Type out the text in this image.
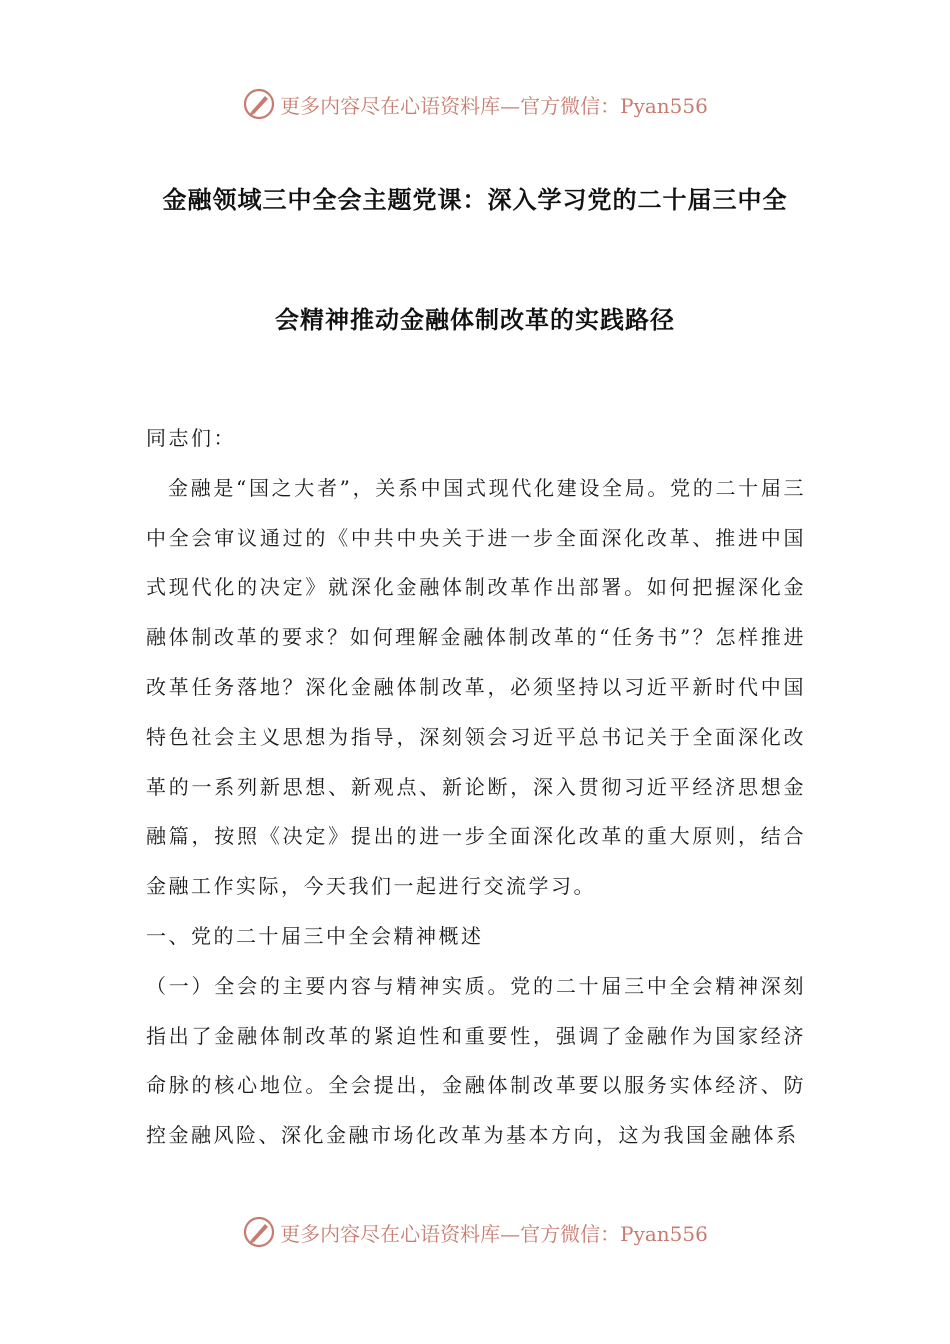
更多内容尽在心语资料库—官方微信：Pyan556
金融领域三中全会主题党课：深入学习党的二十届三中全
会精神推动金融体制改革的实践路径

同志们：

金融是“国之大者”，关系中国式现代化建设全局。党的二十届三中全会审议通过的《中共中央关于进一步全面深化改革、推进中国式现代化的决定》就深化金融体制改革作出部署。如何把握深化金融体制改革的要求？如何理解金融体制改革的“任务书”？怎样推进改革任务落地？深化金融体制改革，必须坚持以习近平新时代中国特色社会主义思想为指导，深刻领会习近平总书记关于全面深化改革的一系列新思想、新观点、新论断，深入贯彻习近平经济思想金融篇，按照《决定》提出的进一步全面深化改革的重大原则，结合金融工作实际，今天我们一起进行交流学习。

一、党的二十届三中全会精神概述

（一）全会的主要内容与精神实质。党的二十届三中全会精神深刻指出了金融体制改革的紧迫性和重要性，强调了金融作为国家经济命脉的核心地位。全会提出，金融体制改革要以服务实体经济、防控金融风险、深化金融市场化改革为基本方向，这为我国金融体系

更多内容尽在心语资料库—官方微信：Pyan556
